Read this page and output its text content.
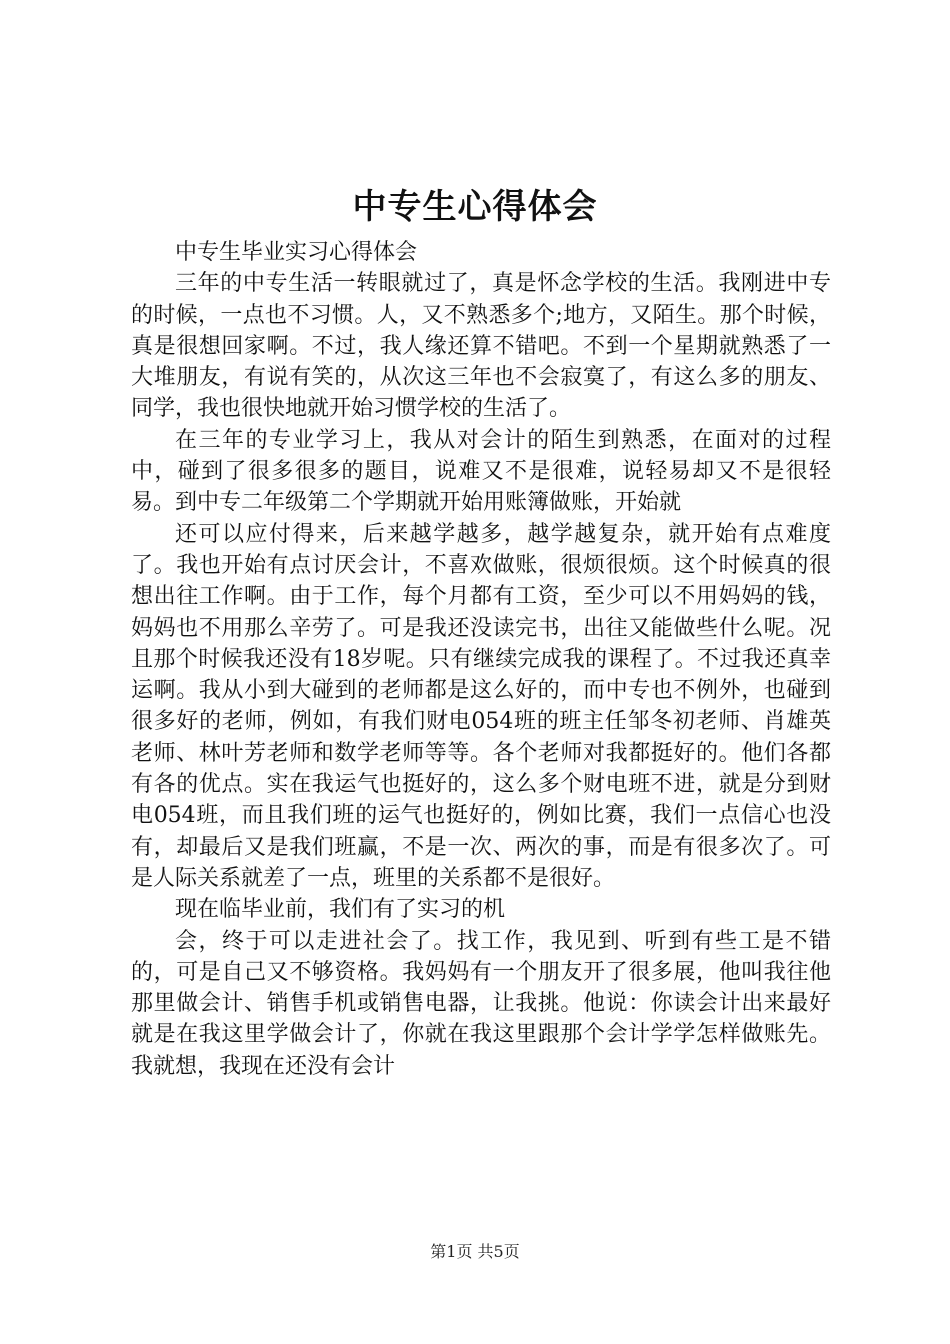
中专生心得体会

中专生毕业实习心得体会

三年的中专生活一转眼就过了，真是怀念学校的生活。我刚进中专的时候，一点也不习惯。人，又不熟悉多个;地方，又陌生。那个时候，真是很想回家啊。不过，我人缘还算不错吧。不到一个星期就熟悉了一大堆朋友，有说有笑的，从次这三年也不会寂寞了，有这么多的朋友、同学，我也很快地就开始习惯学校的生活了。

在三年的专业学习上，我从对会计的陌生到熟悉，在面对的过程中，碰到了很多很多的题目，说难又不是很难，说轻易却又不是很轻易。到中专二年级第二个学期就开始用账簿做账，开始就

还可以应付得来，后来越学越多，越学越复杂，就开始有点难度了。我也开始有点讨厌会计，不喜欢做账，很烦很烦。这个时候真的很想出往工作啊。由于工作，每个月都有工资，至少可以不用妈妈的钱，妈妈也不用那么辛劳了。可是我还没读完书，出往又能做些什么呢。况且那个时候我还没有18岁呢。只有继续完成我的课程了。不过我还真幸运啊。我从小到大碰到的老师都是这么好的，而中专也不例外，也碰到很多好的老师，例如，有我们财电054班的班主任邹冬初老师、肖雄英老师、林叶芳老师和数学老师等等。各个老师对我都挺好的。他们各都有各的优点。实在我运气也挺好的，这么多个财电班不进，就是分到财电054班，而且我们班的运气也挺好的，例如比赛，我们一点信心也没有，却最后又是我们班赢，不是一次、两次的事，而是有很多次了。可是人际关系就差了一点，班里的关系都不是很好。

现在临毕业前，我们有了实习的机

会，终于可以走进社会了。找工作，我见到、听到有些工是不错的，可是自己又不够资格。我妈妈有一个朋友开了很多展，他叫我往他那里做会计、销售手机或销售电器，让我挑。他说：你读会计出来最好就是在我这里学做会计了，你就在我这里跟那个会计学学怎样做账先。我就想，我现在还没有会计

第1页 共5页
